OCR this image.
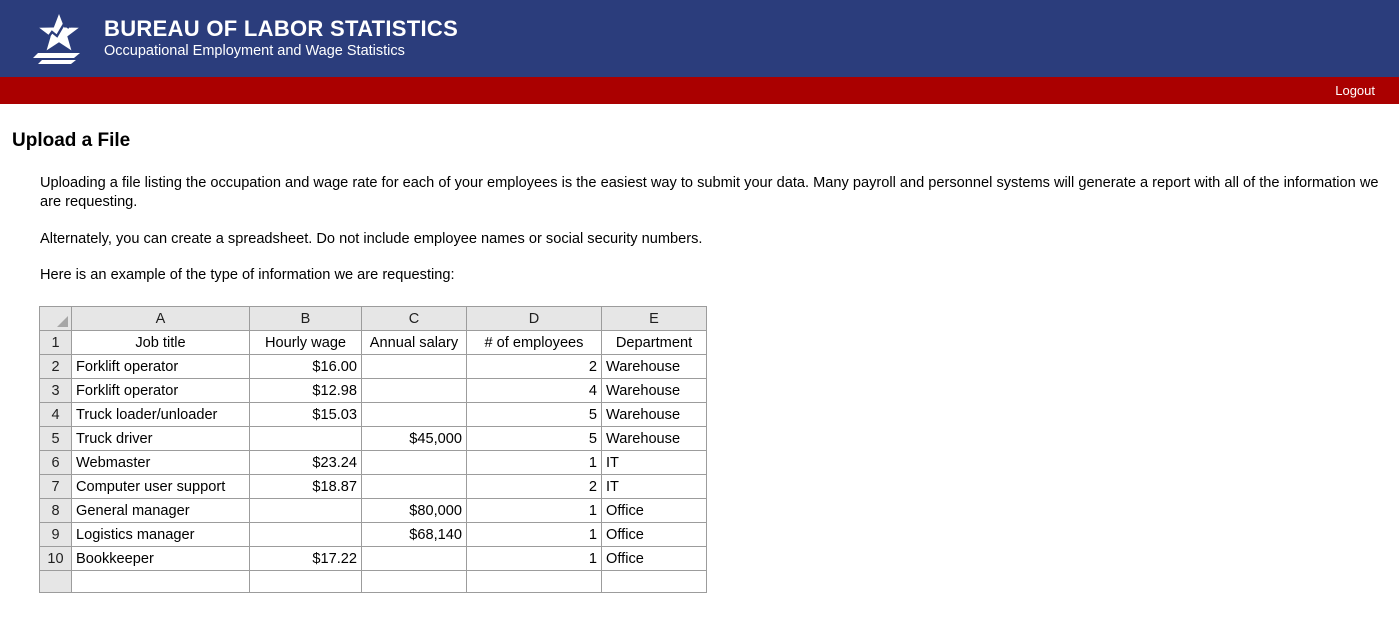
BUREAU OF LABOR STATISTICS
Occupational Employment and Wage Statistics
Logout
Upload a File

Uploading a file listing the occupation and wage rate for each of your employees is the easiest way to submit your data. Many payroll and personnel systems will generate a report with all of the information we are requesting.

Alternately, you can create a spreadsheet. Do not include employee names or social security numbers.

Here is an example of the type of information we are requesting:

	A	B	C	D	E
1	Job title	Hourly wage	Annual salary	# of employees	Department
2	Forklift operator	$16.00		2	Warehouse
3	Forklift operator	$12.98		4	Warehouse
4	Truck loader/unloader	$15.03		5	Warehouse
5	Truck driver		$45,000	5	Warehouse
6	Webmaster	$23.24		1	IT
7	Computer user support	$18.87		2	IT
8	General manager		$80,000	1	Office
9	Logistics manager		$68,140	1	Office
10	Bookkeeper	$17.22		1	Office
